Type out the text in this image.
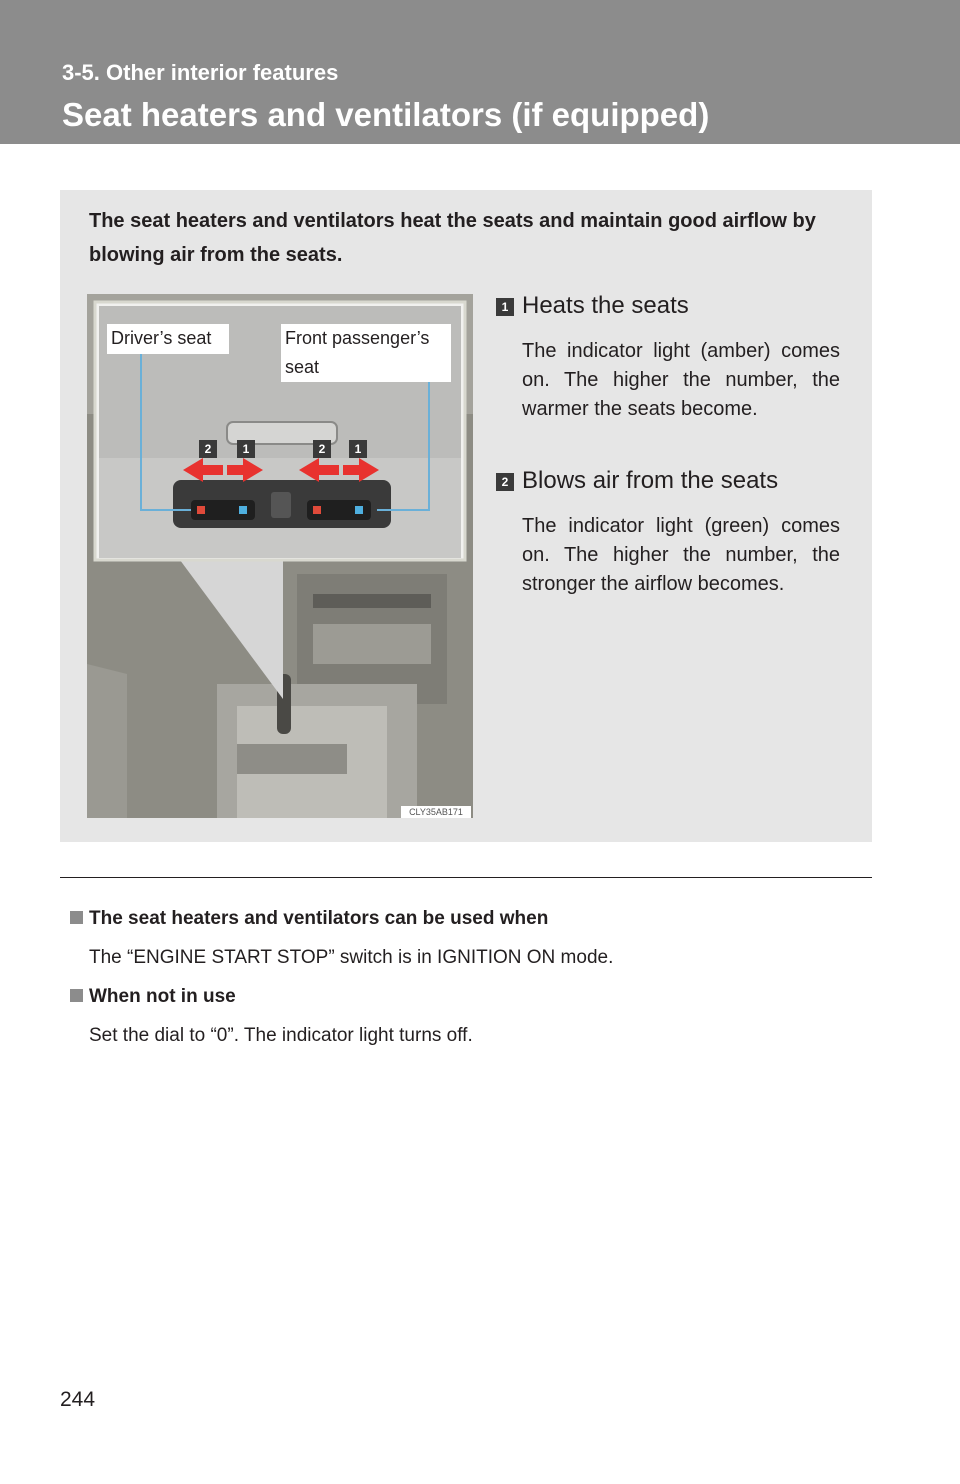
3-5. Other interior features
Seat heaters and ventilators (if equipped)
The seat heaters and ventilators heat the seats and maintain good airflow by blowing air from the seats.
2	1	2	1
Driver’s seat	Front passenger’s seat
CLY35AB171
1 Heats the seats
The indicator light (amber) comes on. The higher the number, the warmer the seats become.
2 Blows air from the seats
The indicator light (green) comes on. The higher the number, the stronger the airflow becomes.
The seat heaters and ventilators can be used when
The “ENGINE START STOP” switch is in IGNITION ON mode.
When not in use
Set the dial to “0”. The indicator light turns off.
244
